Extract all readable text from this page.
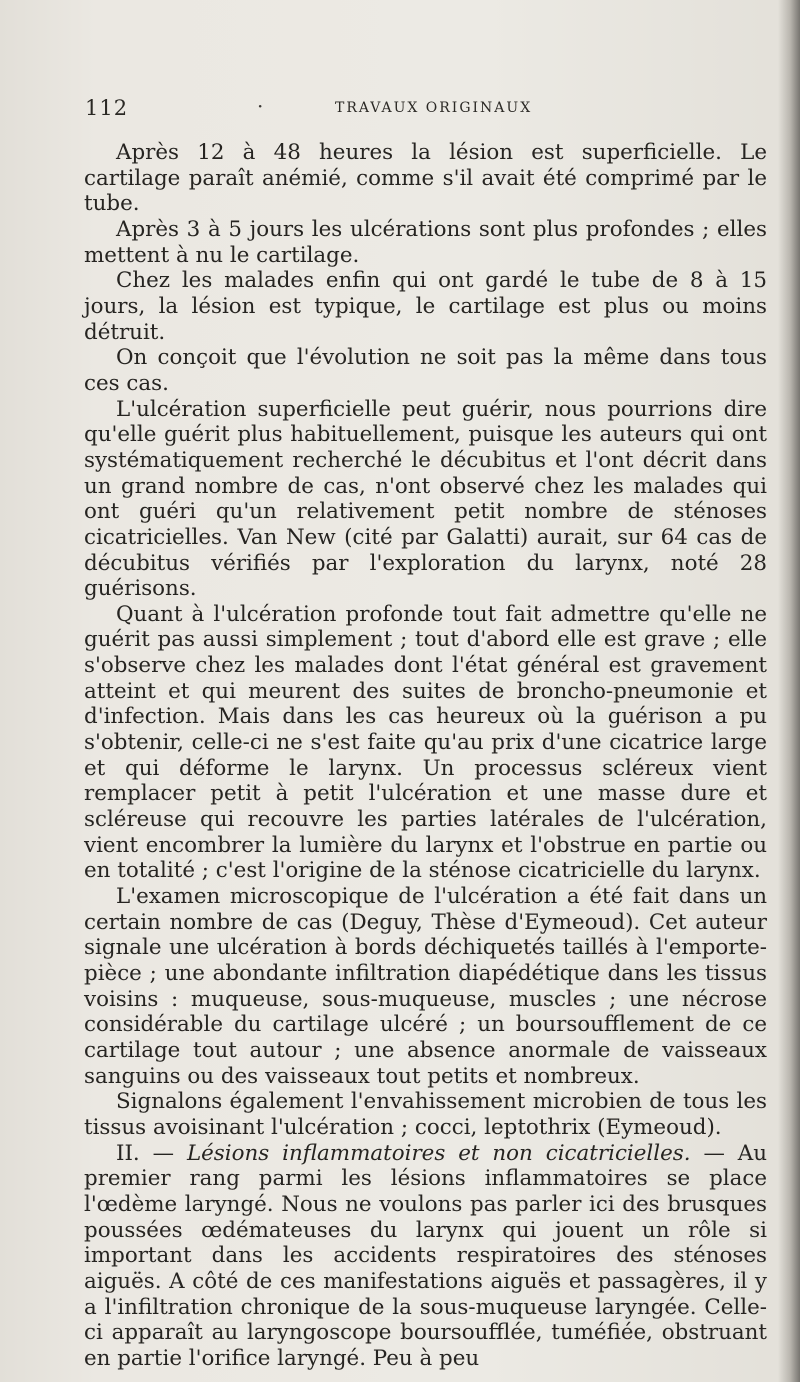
112	·	TRAVAUX ORIGINAUX

Après 12 à 48 heures la lésion est superficielle. Le cartilage paraît anémié, comme s'il avait été comprimé par le tube.

Après 3 à 5 jours les ulcérations sont plus profondes ; elles mettent à nu le cartilage.

Chez les malades enfin qui ont gardé le tube de 8 à 15 jours, la lésion est typique, le cartilage est plus ou moins détruit.

On conçoit que l'évolution ne soit pas la même dans tous ces cas.

L'ulcération superficielle peut guérir, nous pourrions dire qu'elle guérit plus habituellement, puisque les auteurs qui ont systématiquement recherché le décubitus et l'ont décrit dans un grand nombre de cas, n'ont observé chez les malades qui ont guéri qu'un relativement petit nombre de sténoses cicatricielles. Van New (cité par Galatti) aurait, sur 64 cas de décubitus vérifiés par l'exploration du larynx, noté 28 guérisons.

Quant à l'ulcération profonde tout fait admettre qu'elle ne guérit pas aussi simplement ; tout d'abord elle est grave ; elle s'observe chez les malades dont l'état général est gravement atteint et qui meurent des suites de broncho-pneumonie et d'infection. Mais dans les cas heureux où la guérison a pu s'obtenir, celle-ci ne s'est faite qu'au prix d'une cicatrice large et qui déforme le larynx. Un processus scléreux vient remplacer petit à petit l'ulcération et une masse dure et scléreuse qui recouvre les parties latérales de l'ulcération, vient encombrer la lumière du larynx et l'obstrue en partie ou en totalité ; c'est l'origine de la sténose cicatricielle du larynx.

L'examen microscopique de l'ulcération a été fait dans un certain nombre de cas (Deguy, Thèse d'Eymeoud). Cet auteur signale une ulcération à bords déchiquetés taillés à l'emporte-pièce ; une abondante infiltration diapédétique dans les tissus voisins : muqueuse, sous-muqueuse, muscles ; une nécrose considérable du cartilage ulcéré ; un boursoufflement de ce cartilage tout autour ; une absence anormale de vaisseaux sanguins ou des vaisseaux tout petits et nombreux.

Signalons également l'envahissement microbien de tous les tissus avoisinant l'ulcération ; cocci, leptothrix (Eymeoud).

II. — Lésions inflammatoires et non cicatricielles. — Au premier rang parmi les lésions inflammatoires se place l'œdème laryngé. Nous ne voulons pas parler ici des brusques poussées œdémateuses du larynx qui jouent un rôle si important dans les accidents respiratoires des sténoses aiguës. A côté de ces manifestations aiguës et passagères, il y a l'infiltration chronique de la sous-muqueuse laryngée. Celle-ci apparaît au laryngoscope boursoufflée, tuméfiée, obstruant en partie l'orifice laryngé. Peu à peu
